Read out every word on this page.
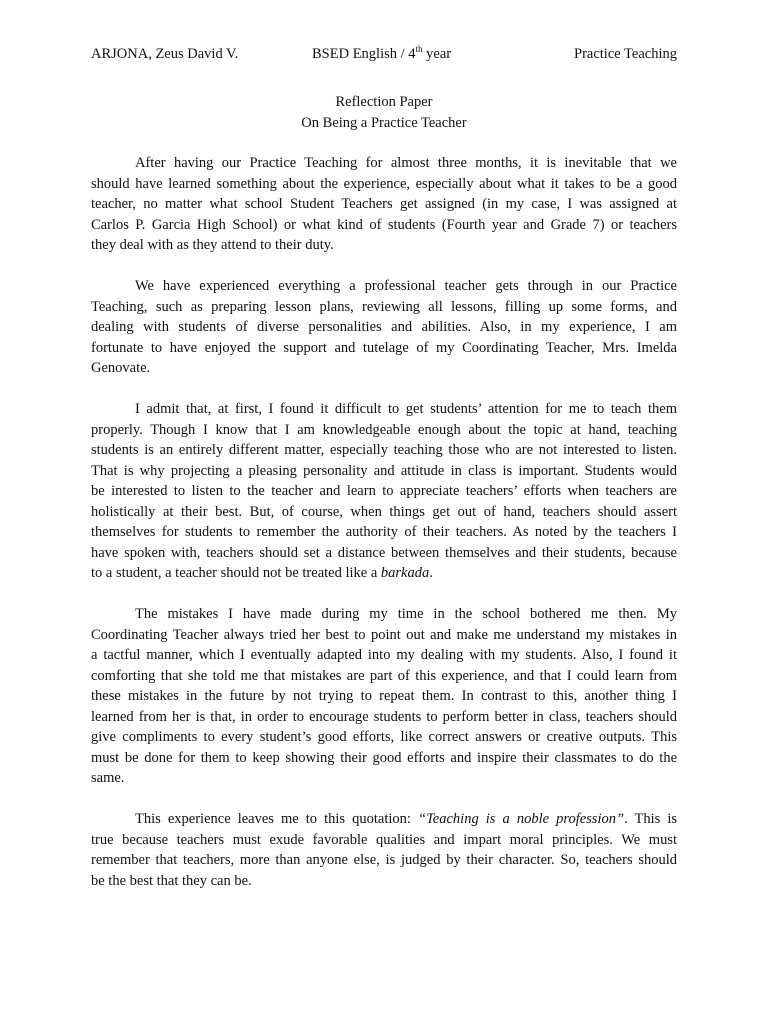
ARJONA, Zeus David V.	BSED English / 4th year	Practice Teaching
Reflection Paper
On Being a Practice Teacher
After having our Practice Teaching for almost three months, it is inevitable that we
should have learned something about the experience, especially about what it takes to be a good
teacher, no matter what school Student Teachers get assigned (in my case, I was assigned at
Carlos P. Garcia High School) or what kind of students (Fourth year and Grade 7) or teachers
they deal with as they attend to their duty.
We have experienced everything a professional teacher gets through in our Practice
Teaching, such as preparing lesson plans, reviewing all lessons, filling up some forms, and
dealing with students of diverse personalities and abilities. Also, in my experience, I am
fortunate to have enjoyed the support and tutelage of my Coordinating Teacher, Mrs. Imelda
Genovate.
I admit that, at first, I found it difficult to get students’ attention for me to teach them
properly. Though I know that I am knowledgeable enough about the topic at hand, teaching
students is an entirely different matter, especially teaching those who are not interested to listen.
That is why projecting a pleasing personality and attitude in class is important. Students would
be interested to listen to the teacher and learn to appreciate teachers’ efforts when teachers are
holistically at their best. But, of course, when things get out of hand, teachers should assert
themselves for students to remember the authority of their teachers. As noted by the teachers I
have spoken with, teachers should set a distance between themselves and their students, because
to a student, a teacher should not be treated like a barkada.
The mistakes I have made during my time in the school bothered me then. My
Coordinating Teacher always tried her best to point out and make me understand my mistakes in
a tactful manner, which I eventually adapted into my dealing with my students. Also, I found it
comforting that she told me that mistakes are part of this experience, and that I could learn from
these mistakes in the future by not trying to repeat them. In contrast to this, another thing I
learned from her is that, in order to encourage students to perform better in class, teachers should
give compliments to every student’s good efforts, like correct answers or creative outputs. This
must be done for them to keep showing their good efforts and inspire their classmates to do the
same.
This experience leaves me to this quotation: “Teaching is a noble profession”. This is
true because teachers must exude favorable qualities and impart moral principles. We must
remember that teachers, more than anyone else, is judged by their character. So, teachers should
be the best that they can be.
